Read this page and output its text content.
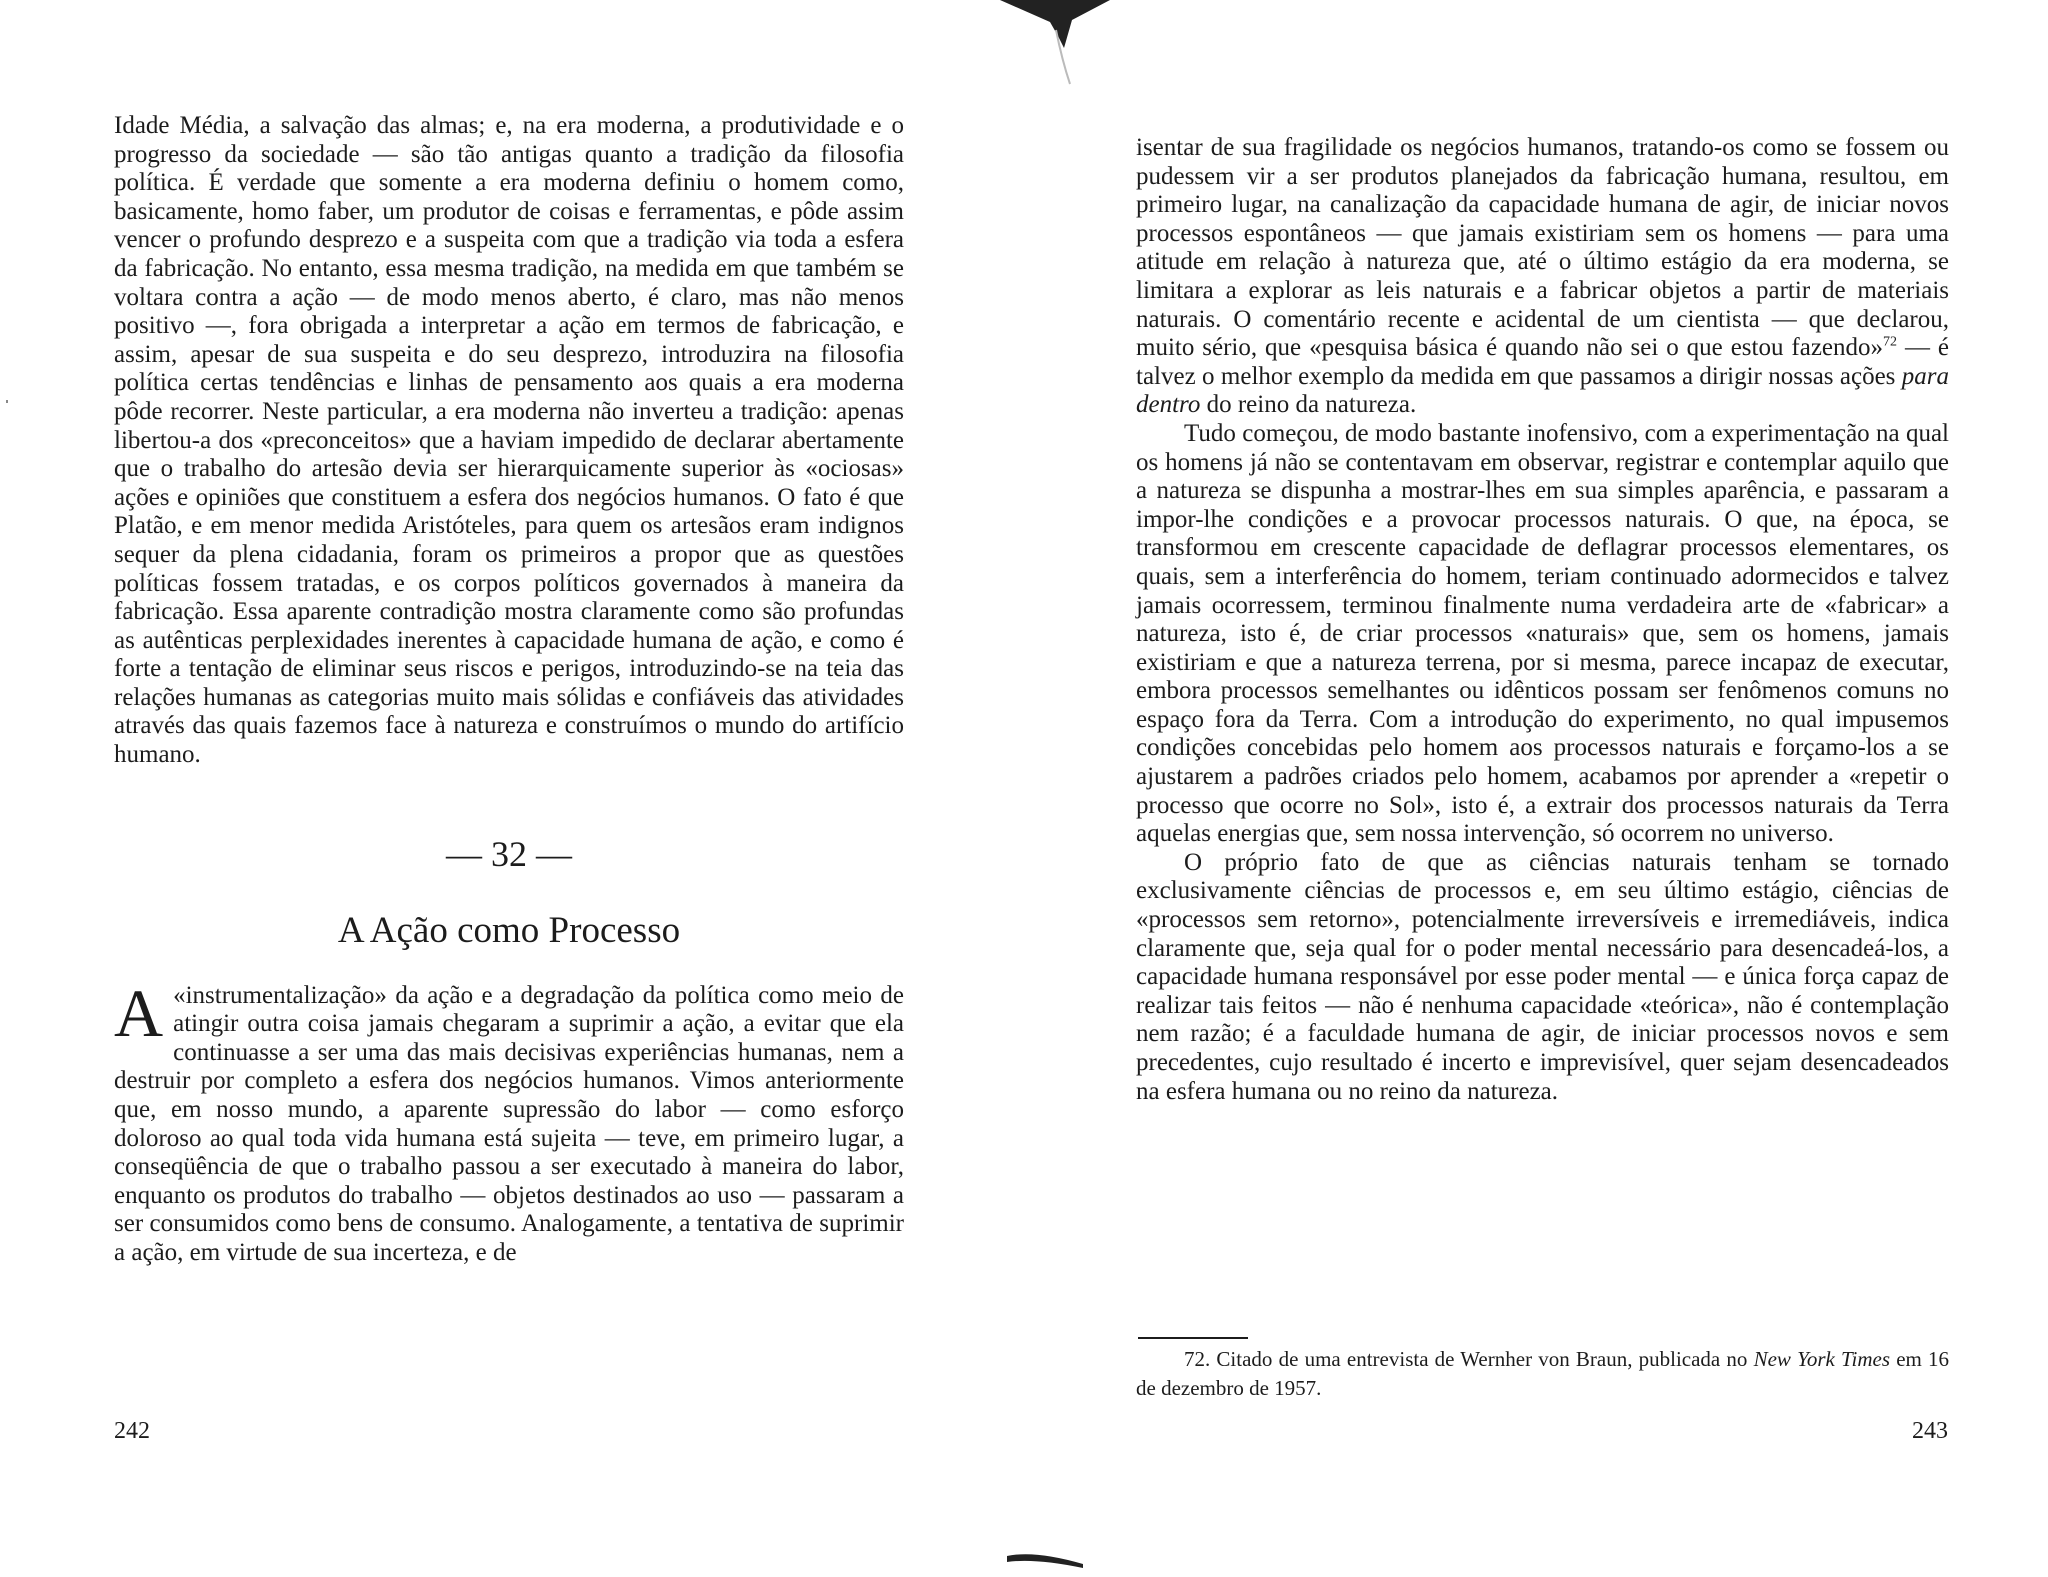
Idade Média, a salvação das almas; e, na era moderna, a produtividade e o progresso da sociedade — são tão antigas quanto a tradição da filosofia política. É verdade que somente a era moderna definiu o homem como, basicamente, homo faber, um produtor de coisas e ferramentas, e pôde assim vencer o profundo desprezo e a suspeita com que a tradição via toda a esfera da fabricação. No entanto, essa mesma tradição, na medida em que também se voltara contra a ação — de modo menos aberto, é claro, mas não menos positivo —, fora obrigada a interpretar a ação em termos de fabricação, e assim, apesar de sua suspeita e do seu desprezo, introduzira na filosofia política certas tendências e linhas de pensamento aos quais a era moderna pôde recorrer. Neste particular, a era moderna não inverteu a tradição: apenas libertou-a dos «preconceitos» que a haviam impedido de declarar abertamente que o trabalho do artesão devia ser hierarquicamente superior às «ociosas» ações e opiniões que constituem a esfera dos negócios humanos. O fato é que Platão, e em menor medida Aristóteles, para quem os artesãos eram indignos sequer da plena cidadania, foram os primeiros a propor que as questões políticas fossem tratadas, e os corpos políticos governados à maneira da fabricação. Essa aparente contradição mostra claramente como são profundas as autênticas perplexidades inerentes à capacidade humana de ação, e como é forte a tentação de eliminar seus riscos e perigos, introduzindo-se na teia das relações humanas as categorias muito mais sólidas e confiáveis das atividades através das quais fazemos face à natureza e construímos o mundo do artifício humano.

— 32 —
A Ação como Processo

A «instrumentalização» da ação e a degradação da política como meio de atingir outra coisa jamais chegaram a suprimir a ação, a evitar que ela continuasse a ser uma das mais decisivas experiências humanas, nem a destruir por completo a esfera dos negócios humanos. Vimos anteriormente que, em nosso mundo, a aparente supressão do labor — como esforço doloroso ao qual toda vida humana está sujeita — teve, em primeiro lugar, a conseqüência de que o trabalho passou a ser executado à maneira do labor, enquanto os produtos do trabalho — objetos destinados ao uso — passaram a ser consumidos como bens de consumo. Analogamente, a tentativa de suprimir a ação, em virtude de sua incerteza, e de

242

isentar de sua fragilidade os negócios humanos, tratando-os como se fossem ou pudessem vir a ser produtos planejados da fabricação humana, resultou, em primeiro lugar, na canalização da capacidade humana de agir, de iniciar novos processos espontâneos — que jamais existiriam sem os homens — para uma atitude em relação à natureza que, até o último estágio da era moderna, se limitara a explorar as leis naturais e a fabricar objetos a partir de materiais naturais. O comentário recente e acidental de um cientista — que declarou, muito sério, que «pesquisa básica é quando não sei o que estou fazendo»$^{72}$ — é talvez o melhor exemplo da medida em que passamos a dirigir nossas ações para dentro do reino da natureza.

Tudo começou, de modo bastante inofensivo, com a experimentação na qual os homens já não se contentavam em observar, registrar e contemplar aquilo que a natureza se dispunha a mostrar-lhes em sua simples aparência, e passaram a impor-lhe condições e a provocar processos naturais. O que, na época, se transformou em crescente capacidade de deflagrar processos elementares, os quais, sem a interferência do homem, teriam continuado adormecidos e talvez jamais ocorressem, terminou finalmente numa verdadeira arte de «fabricar» a natureza, isto é, de criar processos «naturais» que, sem os homens, jamais existiriam e que a natureza terrena, por si mesma, parece incapaz de executar, embora processos semelhantes ou idênticos possam ser fenômenos comuns no espaço fora da Terra. Com a introdução do experimento, no qual impusemos condições concebidas pelo homem aos processos naturais e forçamo-los a se ajustarem a padrões criados pelo homem, acabamos por aprender a «repetir o processo que ocorre no Sol», isto é, a extrair dos processos naturais da Terra aquelas energias que, sem nossa intervenção, só ocorrem no universo.

O próprio fato de que as ciências naturais tenham se tornado exclusivamente ciências de processos e, em seu último estágio, ciências de «processos sem retorno», potencialmente irreversíveis e irremediáveis, indica claramente que, seja qual for o poder mental necessário para desencadeá-los, a capacidade humana responsável por esse poder mental — e única força capaz de realizar tais feitos — não é nenhuma capacidade «teórica», não é contemplação nem razão; é a faculdade humana de agir, de iniciar processos novos e sem precedentes, cujo resultado é incerto e imprevisível, quer sejam desencadeados na esfera humana ou no reino da natureza.

72. Citado de uma entrevista de Wernher von Braun, publicada no New York Times em 16 de dezembro de 1957.
243
